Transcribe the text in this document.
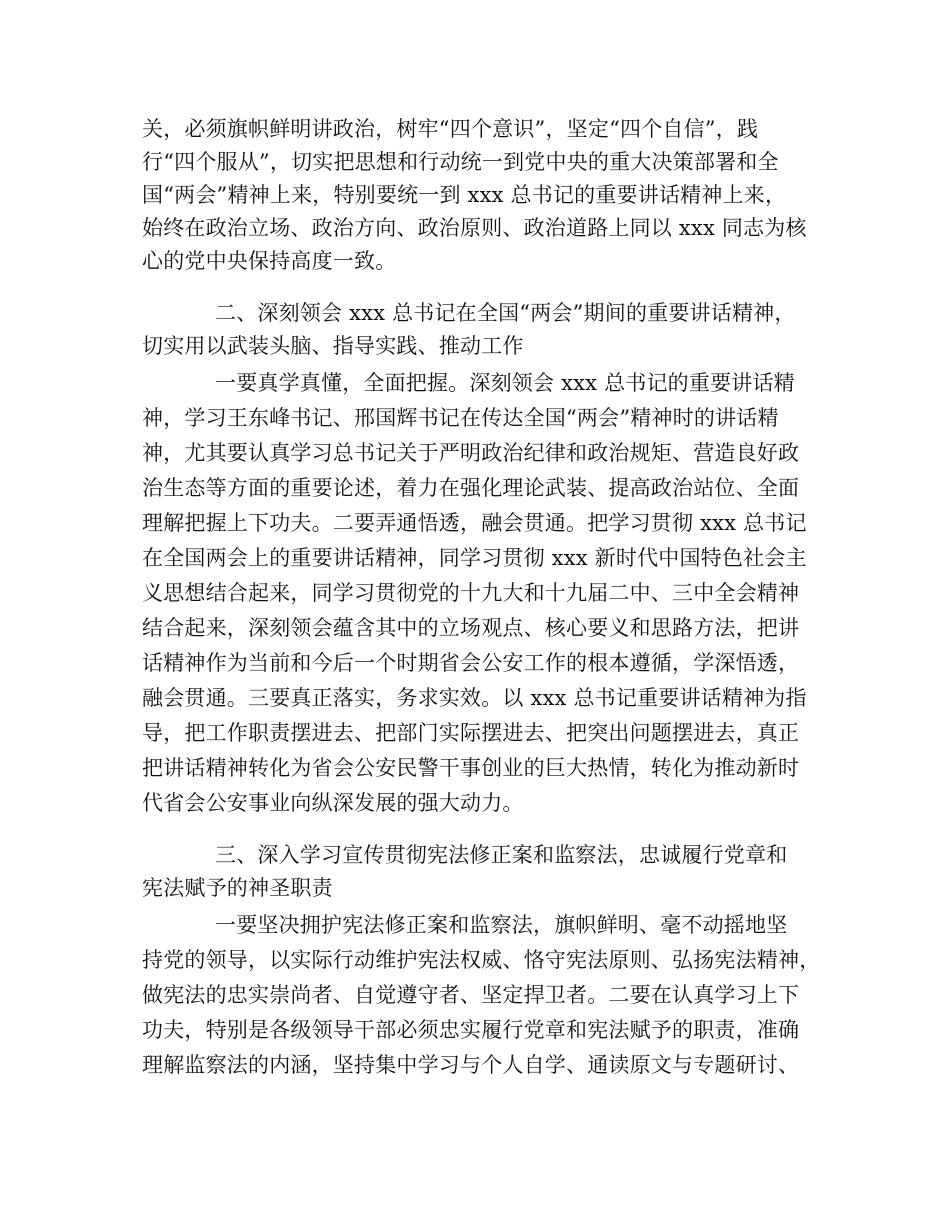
关，必须旗帜鲜明讲政治，树牢“四个意识”，坚定“四个自信”，践
行“四个服从”，切实把思想和行动统一到党中央的重大决策部署和全
国“两会”精神上来，特别要统一到 xxx 总书记的重要讲话精神上来，
始终在政治立场、政治方向、政治原则、政治道路上同以 xxx 同志为核
心的党中央保持高度一致。
二、深刻领会 xxx 总书记在全国“两会”期间的重要讲话精神，
切实用以武装头脑、指导实践、推动工作
一要真学真懂，全面把握。深刻领会 xxx 总书记的重要讲话精
神，学习王东峰书记、邢国辉书记在传达全国“两会”精神时的讲话精
神，尤其要认真学习总书记关于严明政治纪律和政治规矩、营造良好政
治生态等方面的重要论述，着力在强化理论武装、提高政治站位、全面
理解把握上下功夫。二要弄通悟透，融会贯通。把学习贯彻 xxx 总书记
在全国两会上的重要讲话精神，同学习贯彻 xxx 新时代中国特色社会主
义思想结合起来，同学习贯彻党的十九大和十九届二中、三中全会精神
结合起来，深刻领会蕴含其中的立场观点、核心要义和思路方法，把讲
话精神作为当前和今后一个时期省会公安工作的根本遵循，学深悟透，
融会贯通。三要真正落实，务求实效。以 xxx 总书记重要讲话精神为指
导，把工作职责摆进去、把部门实际摆进去、把突出问题摆进去，真正
把讲话精神转化为省会公安民警干事创业的巨大热情，转化为推动新时
代省会公安事业向纵深发展的强大动力。
三、深入学习宣传贯彻宪法修正案和监察法，忠诚履行党章和
宪法赋予的神圣职责
一要坚决拥护宪法修正案和监察法，旗帜鲜明、毫不动摇地坚
持党的领导，以实际行动维护宪法权威、恪守宪法原则、弘扬宪法精神，
做宪法的忠实崇尚者、自觉遵守者、坚定捍卫者。二要在认真学习上下
功夫，特别是各级领导干部必须忠实履行党章和宪法赋予的职责，准确
理解监察法的内涵，坚持集中学习与个人自学、通读原文与专题研讨、
